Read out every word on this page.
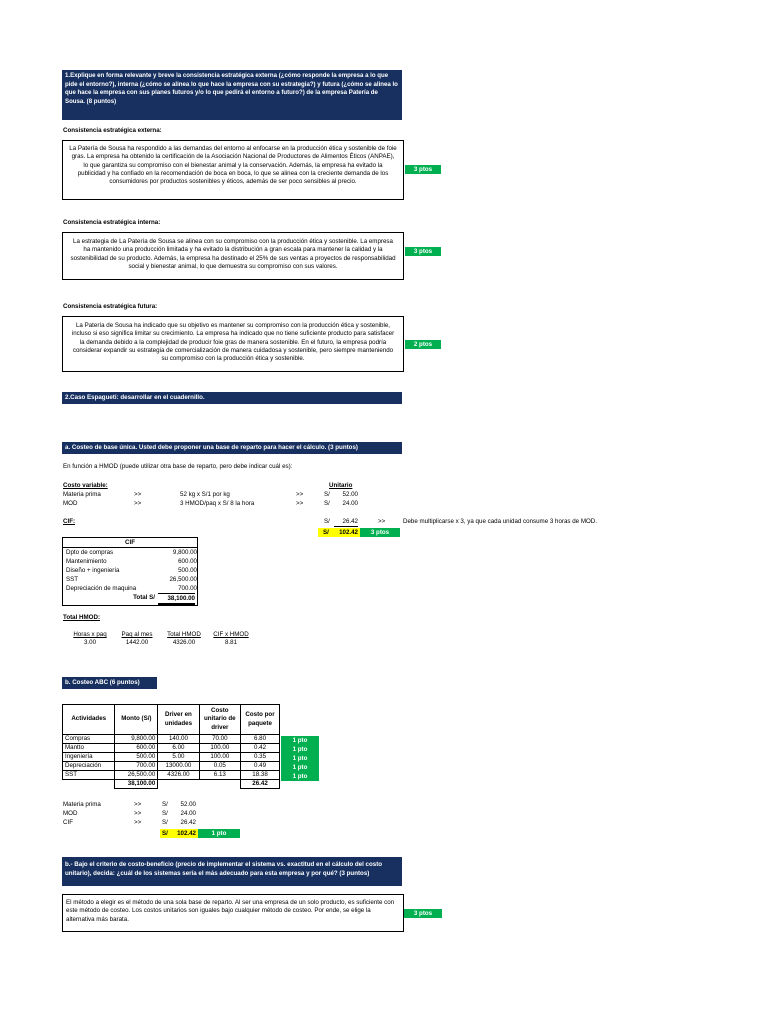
1.Explique en forma relevante y breve la consistencia estratégica externa (¿cómo responde la empresa a lo que pide el entorno?), interna (¿cómo se alinea lo que hace la empresa con su estrategia?) y futura (¿cómo se alinea lo que hace la empresa con sus planes futuros y/o lo que pedirá el entorno a futuro?) de la empresa Patería de Sousa. (8 puntos)
Consistencia estratégica externa:
La Patería de Sousa ha respondido a las demandas del entorno al enfocarse en la producción ética y sostenible de foie gras. La empresa ha obtenido la certificación de la Asociación Nacional de Productores de Alimentos Éticos (ANPAE), lo que garantiza su compromiso con el bienestar animal y la conservación. Además, la empresa ha evitado la publicidad y ha confiado en la recomendación de boca en boca, lo que se alinea con la creciente demanda de los consumidores por productos sostenibles y éticos, además de ser poco sensibles al precio.
3 ptos
Consistencia estratégica interna:
La estrategia de La Patería de Sousa se alinea con su compromiso con la producción ética y sostenible. La empresa ha mantenido una producción limitada y ha evitado la distribución a gran escala para mantener la calidad y la sostenibilidad de su producto. Además, la empresa ha destinado el 25% de sus ventas a proyectos de responsabilidad social y bienestar animal, lo que demuestra su compromiso con sus valores.
3 ptos
Consistencia estratégica futura:
La Patería de Sousa ha indicado que su objetivo es mantener su compromiso con la producción ética y sostenible, incluso si eso significa limitar su crecimiento. La empresa ha indicado que no tiene suficiente producto para satisfacer la demanda debido a la complejidad de producir foie gras de manera sostenible. En el futuro, la empresa podría considerar expandir su estrategia de comercialización de manera cuidadosa y sostenible, pero siempre manteniendo su compromiso con la producción ética y sostenible.
2 ptos
2.Caso Espagueti: desarrollar en el cuadernillo.
a. Costeo de base única. Usted debe proponer una base de reparto para hacer el cálculo. (3 puntos)
En función a HMOD (puede utilizar otra base de reparto, pero debe indicar cuál es):
Costo variable:	Unitario
Materia prima	>>	52 kg x S/1 por kg	>>	S/	52.00
MOD	>>	3 HMOD/paq x S/ 8 la hora	>>	S/	24.00
CIF:	S/	26.42	>>	Debe multiplicarse x 3, ya que cada unidad consume 3 horas de MOD.
S/ 102.42	3 ptos
CIF
Dpto de compras	9,800.00
Mantenimiento	600.00
Diseño + ingeniería	500.00
SST	26,500.00
Depreciación de maquina	700.00
Total S/	38,100.00
Total HMOD:
Horas x paq	Paq al mes	Total HMOD	CIF x HMOD
3.00	1442.00	4326.00	8.81
b. Costeo ABC (6 puntos)
Actividades	Monto (S/)	Driver en unidades	Costo unitario de driver	Costo por paquete
Compras	9,800.00	140.00	70.00	6.80
Mantto	600.00	6.00	100.00	0.42
Ingeniería	500.00	5.00	100.00	0.35
Depreciación	700.00	13000.00	0.05	0.49
SST	26,500.00	4326.00	6.13	18.38
	38,100.00			26.42
1 pto
1 pto
1 pto
1 pto
1 pto
Materia prima	>>	S/	52.00
MOD	>>	S/	24.00
CIF	>>	S/	26.42
S/ 102.42	1 pto
b.- Bajo el criterio de costo-beneficio (precio de implementar el sistema vs. exactitud en el cálculo del costo unitario), decida: ¿cuál de los sistemas sería el más adecuado para esta empresa y por qué? (3 puntos)
El método a elegir es el método de una sola base de reparto. Al ser una empresa de un solo producto, es suficiente con este método de costeo. Los costos unitarios son iguales bajo cualquier método de costeo. Por ende, se elige la alternativa más barata.
3 ptos
